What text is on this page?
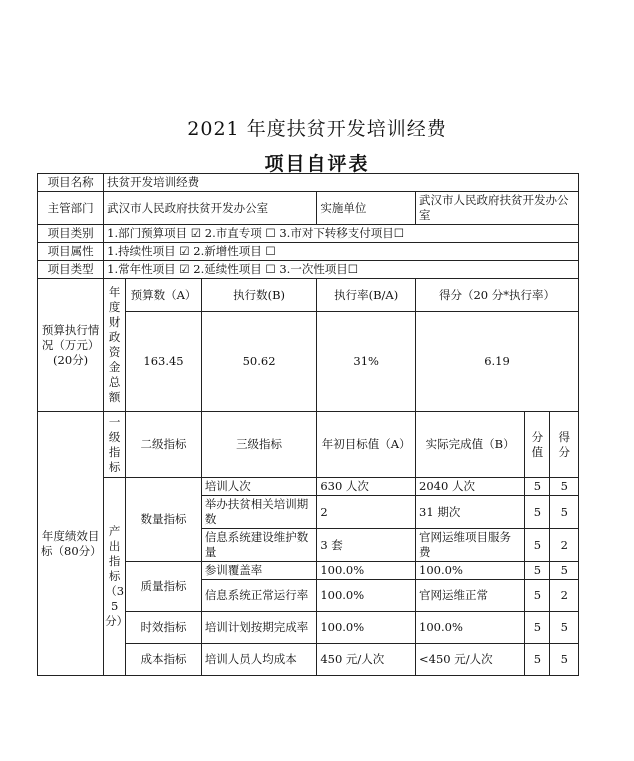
2021 年度扶贫开发培训经费
项目自评表
项目名称	扶贫开发培训经费						
主管部门	武汉市人民政府扶贫开发办公室			实施单位	武汉市人民政府扶贫开发办公室		
项目类别	1.部门预算项目 ☑ 2.市直专项 ☐ 3.市对下转移支付项目☐						
项目属性	1.持续性项目 ☑ 2.新增性项目 ☐						
项目类型	1.常年性项目 ☑ 2.延续性项目 ☐ 3.一次性项目☐						
预算执行情况（万元）(20分)	年度财政资金总额	预算数（A）	执行数(B)	执行率(B/A)	得分（20 分*执行率）		
		163.45	50.62	31%	6.19		
年度绩效目标（80分）	一级指标	二级指标	三级指标	年初目标值（A）	实际完成值（B）	分值	得分
	产出指标（35分）	数量指标	培训人次	630 人次	2040 人次	5	5
			举办扶贫相关培训期数	2	31 期次	5	5
			信息系统建设维护数量	3 套	官网运维项目服务费	5	2
		质量指标	参训覆盖率	100.0%	100.0%	5	5
			信息系统正常运行率	100.0%	官网运维正常	5	2
		时效指标	培训计划按期完成率	100.0%	100.0%	5	5
		成本指标	培训人员人均成本	450 元/人次	<450 元/人次	5	5
